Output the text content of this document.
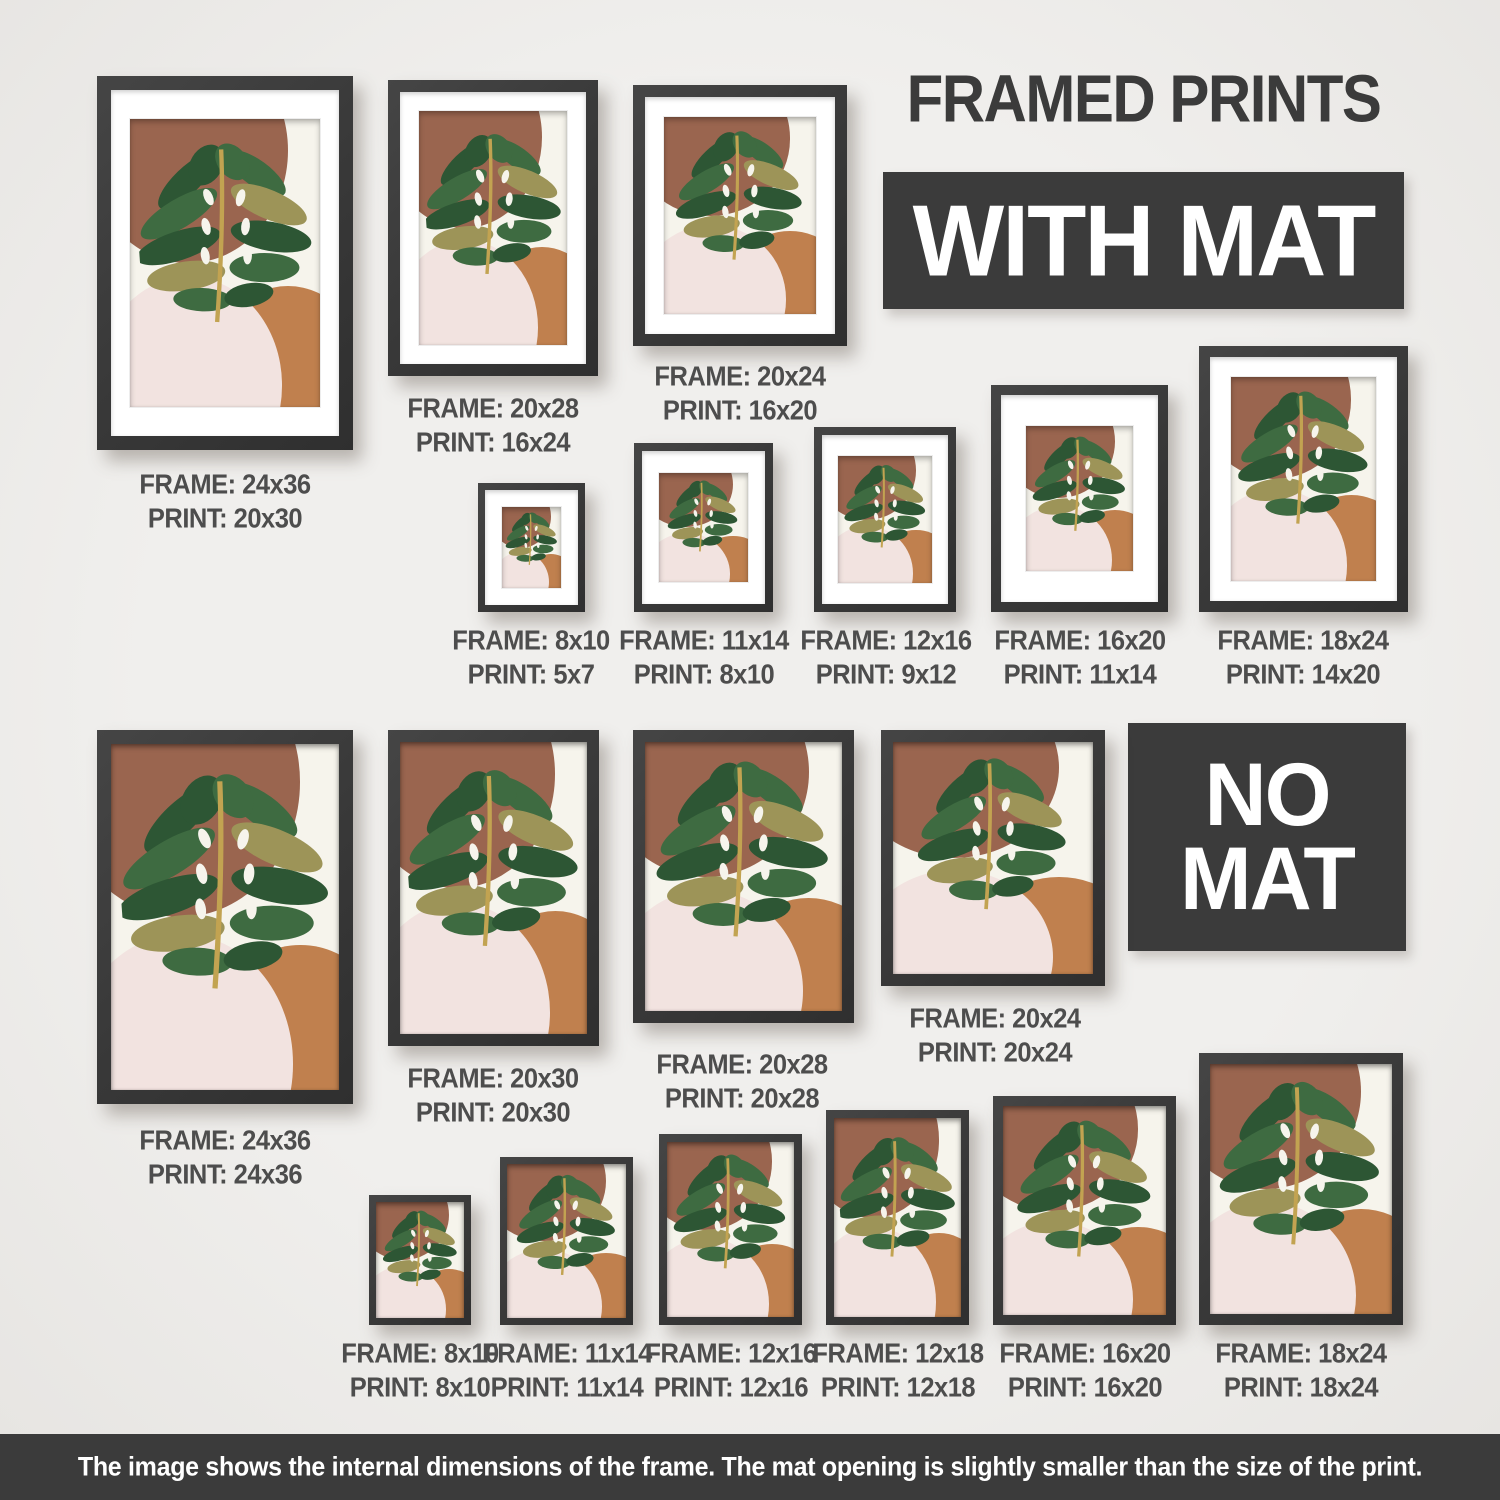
FRAMED PRINTS
WITH MAT
NO
MAT
The image shows the internal dimensions of the frame. The mat opening is slightly smaller than the size of the print.
FRAME: 24x36
PRINT: 20x30
FRAME: 20x28
PRINT: 16x24
FRAME: 20x24
PRINT: 16x20
FRAME: 8x10
PRINT: 5x7
FRAME: 11x14
PRINT: 8x10
FRAME: 12x16
PRINT: 9x12
FRAME: 16x20
PRINT: 11x14
FRAME: 18x24
PRINT: 14x20
FRAME: 24x36
PRINT: 24x36
FRAME: 20x30
PRINT: 20x30
FRAME: 20x28
PRINT: 20x28
FRAME: 20x24
PRINT: 20x24
FRAME: 8x10
PRINT: 8x10
FRAME: 11x14
PRINT: 11x14
FRAME: 12x16
PRINT: 12x16
FRAME: 12x18
PRINT: 12x18
FRAME: 16x20
PRINT: 16x20
FRAME: 18x24
PRINT: 18x24
